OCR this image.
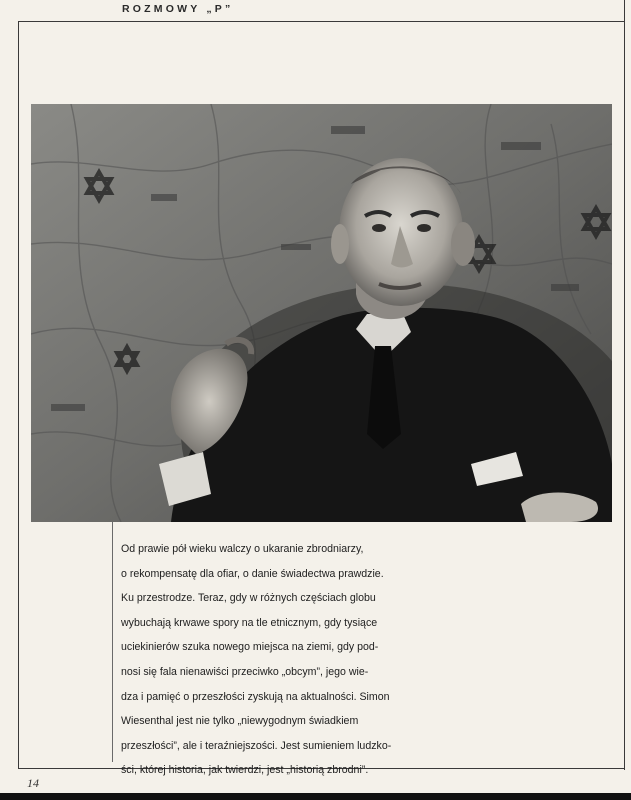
ROZMOWY „P”
Od prawie pół wieku walczy o ukaranie zbrodniarzy,
o rekompensatę dla ofiar, o danie świadectwa prawdzie.
Ku przestrodze. Teraz, gdy w różnych częściach globu
wybuchają krwawe spory na tle etnicznym, gdy tysiące
uciekinierów szuka nowego miejsca na ziemi, gdy pod-
nosi się fala nienawiści przeciwko „obcym”, jego wie-
dza i pamięć o przeszłości zyskują na aktualności. Simon
Wiesenthal jest nie tylko „niewygodnym świadkiem
przeszłości”, ale i teraźniejszości. Jest sumieniem ludzko-
ści, której historia, jak twierdzi, jest „historią zbrodni”.
14
